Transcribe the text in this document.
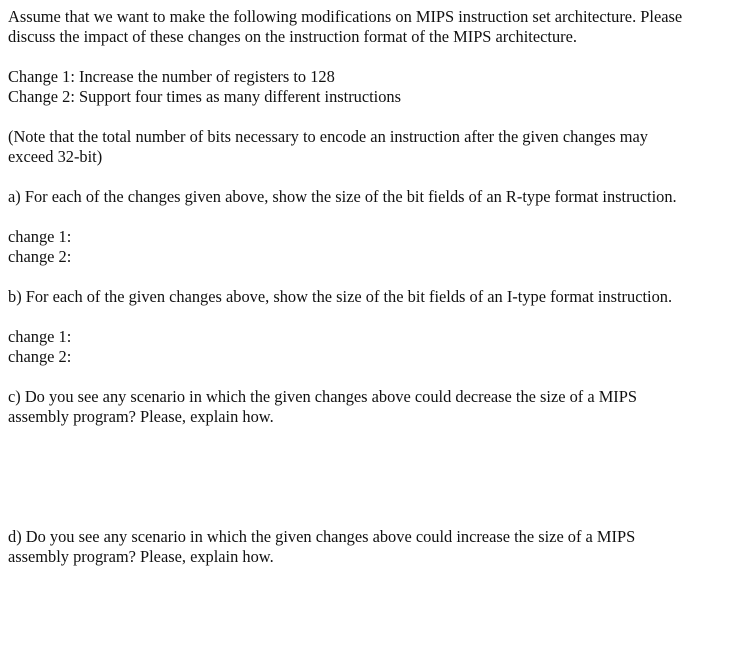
Assume that we want to make the following modifications on MIPS instruction set architecture. Please
discuss the impact of these changes on the instruction format of the MIPS architecture.
Change 1: Increase the number of registers to 128
Change 2: Support four times as many different instructions
(Note that the total number of bits necessary to encode an instruction after the given changes may
exceed 32-bit)
a) For each of the changes given above, show the size of the bit fields of an R-type format instruction.
change 1:
change 2:
b) For each of the given changes above, show the size of the bit fields of an I-type format instruction.
change 1:
change 2:
c) Do you see any scenario in which the given changes above could decrease the size of a MIPS
assembly program? Please, explain how.
d) Do you see any scenario in which the given changes above could increase the size of a MIPS
assembly program? Please, explain how.
